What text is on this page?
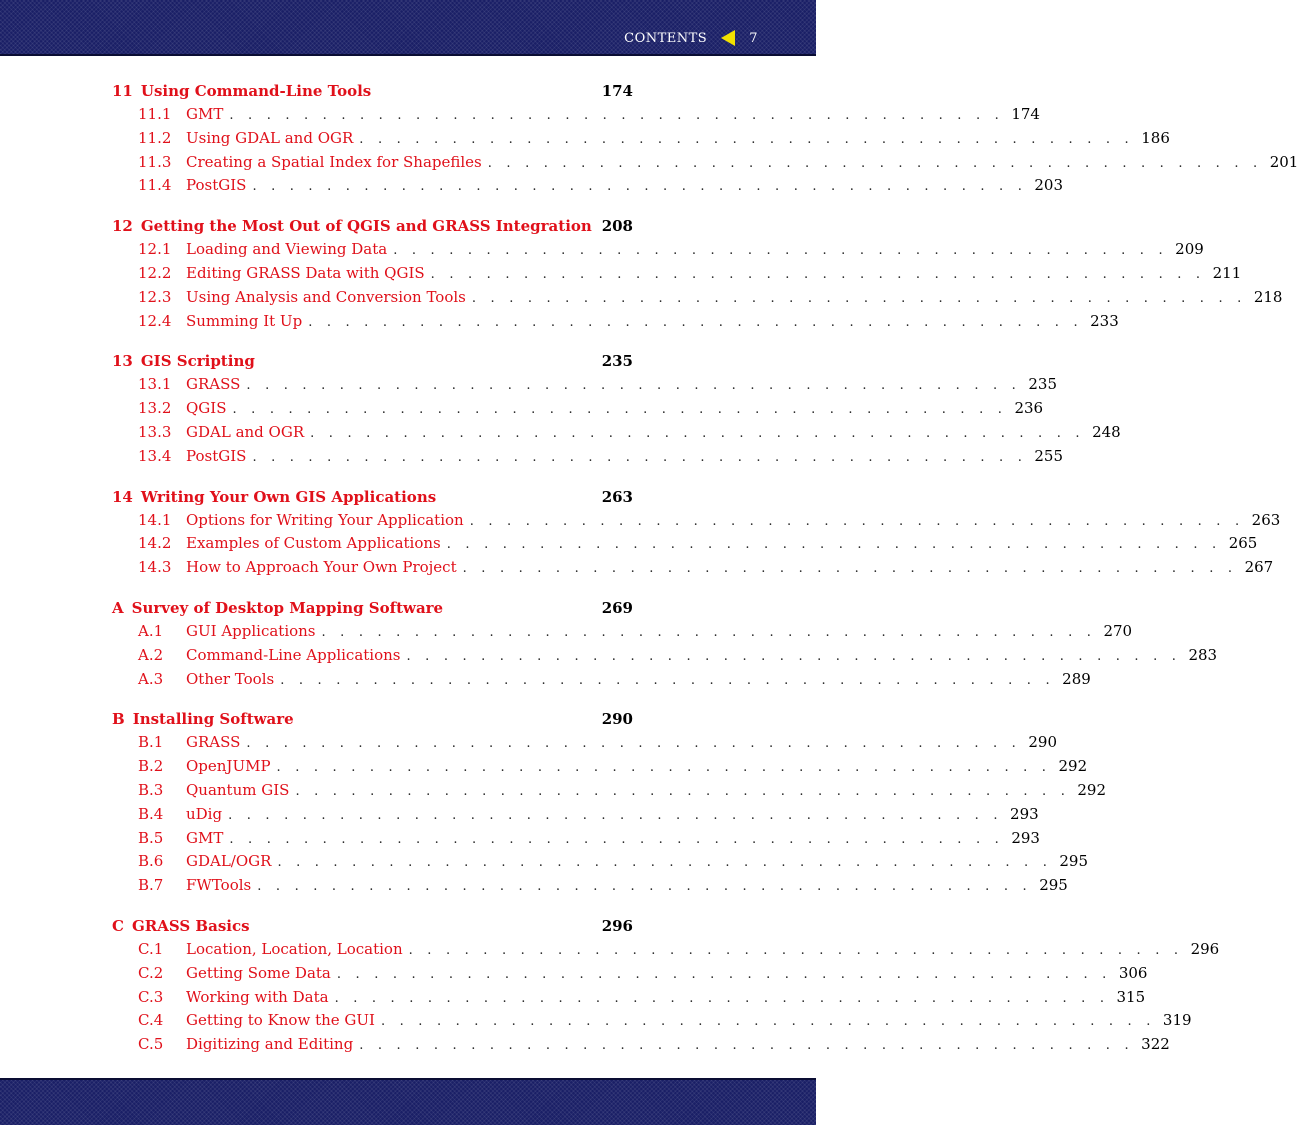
CONTENTS	7
11 Using Command-Line Tools	174
11.1 GMT . . . . . . . . . . . . . . . . . . . . . . . . . . . . . . . . . . . . . . . . . . 174
11.2 Using GDAL and OGR . . . . . . . . . . . . . . . . . . . . . . . . . . . . . . . . . . . . . . . . . . 186
11.3 Creating a Spatial Index for Shapefiles . . . . . . . . . . . . . . . . . . . . . . . . . . . . . . . . . . . . . . . . . . 201
11.4 PostGIS . . . . . . . . . . . . . . . . . . . . . . . . . . . . . . . . . . . . . . . . . . 203
12 Getting the Most Out of QGIS and GRASS Integration 208
12.1 Loading and Viewing Data . . . . . . . . . . . . . . . . . . . . . . . . . . . . . . . . . . . . . . . . . . 209
12.2 Editing GRASS Data with QGIS . . . . . . . . . . . . . . . . . . . . . . . . . . . . . . . . . . . . . . . . . . 211
12.3 Using Analysis and Conversion Tools . . . . . . . . . . . . . . . . . . . . . . . . . . . . . . . . . . . . . . . . . . 218
12.4 Summing It Up . . . . . . . . . . . . . . . . . . . . . . . . . . . . . . . . . . . . . . . . . . 233
13 GIS Scripting	235
13.1 GRASS . . . . . . . . . . . . . . . . . . . . . . . . . . . . . . . . . . . . . . . . . . 235
13.2 QGIS . . . . . . . . . . . . . . . . . . . . . . . . . . . . . . . . . . . . . . . . . . 236
13.3 GDAL and OGR . . . . . . . . . . . . . . . . . . . . . . . . . . . . . . . . . . . . . . . . . . 248
13.4 PostGIS . . . . . . . . . . . . . . . . . . . . . . . . . . . . . . . . . . . . . . . . . . 255
14 Writing Your Own GIS Applications	263
14.1 Options for Writing Your Application . . . . . . . . . . . . . . . . . . . . . . . . . . . . . . . . . . . . . . . . . . 263
14.2 Examples of Custom Applications . . . . . . . . . . . . . . . . . . . . . . . . . . . . . . . . . . . . . . . . . . 265
14.3 How to Approach Your Own Project . . . . . . . . . . . . . . . . . . . . . . . . . . . . . . . . . . . . . . . . . . 267
A Survey of Desktop Mapping Software	269
A.1	GUI Applications . . . . . . . . . . . . . . . . . . . . . . . . . . . . . . . . . . . . . . . . . . 270
A.2	Command-Line Applications . . . . . . . . . . . . . . . . . . . . . . . . . . . . . . . . . . . . . . . . . . 283
A.3	Other Tools . . . . . . . . . . . . . . . . . . . . . . . . . . . . . . . . . . . . . . . . . . 289
B Installing Software	290
B.1	GRASS . . . . . . . . . . . . . . . . . . . . . . . . . . . . . . . . . . . . . . . . . . 290
B.2	OpenJUMP . . . . . . . . . . . . . . . . . . . . . . . . . . . . . . . . . . . . . . . . . . 292
B.3	Quantum GIS . . . . . . . . . . . . . . . . . . . . . . . . . . . . . . . . . . . . . . . . . . 292
B.4	uDig . . . . . . . . . . . . . . . . . . . . . . . . . . . . . . . . . . . . . . . . . . 293
B.5	GMT . . . . . . . . . . . . . . . . . . . . . . . . . . . . . . . . . . . . . . . . . . 293
B.6	GDAL/OGR . . . . . . . . . . . . . . . . . . . . . . . . . . . . . . . . . . . . . . . . . . 295
B.7	FWTools . . . . . . . . . . . . . . . . . . . . . . . . . . . . . . . . . . . . . . . . . . 295
C GRASS Basics	296
C.1	Location, Location, Location . . . . . . . . . . . . . . . . . . . . . . . . . . . . . . . . . . . . . . . . . . 296
C.2	Getting Some Data . . . . . . . . . . . . . . . . . . . . . . . . . . . . . . . . . . . . . . . . . . 306
C.3	Working with Data . . . . . . . . . . . . . . . . . . . . . . . . . . . . . . . . . . . . . . . . . . 315
C.4	Getting to Know the GUI . . . . . . . . . . . . . . . . . . . . . . . . . . . . . . . . . . . . . . . . . . 319
C.5	Digitizing and Editing . . . . . . . . . . . . . . . . . . . . . . . . . . . . . . . . . . . . . . . . . . 322
